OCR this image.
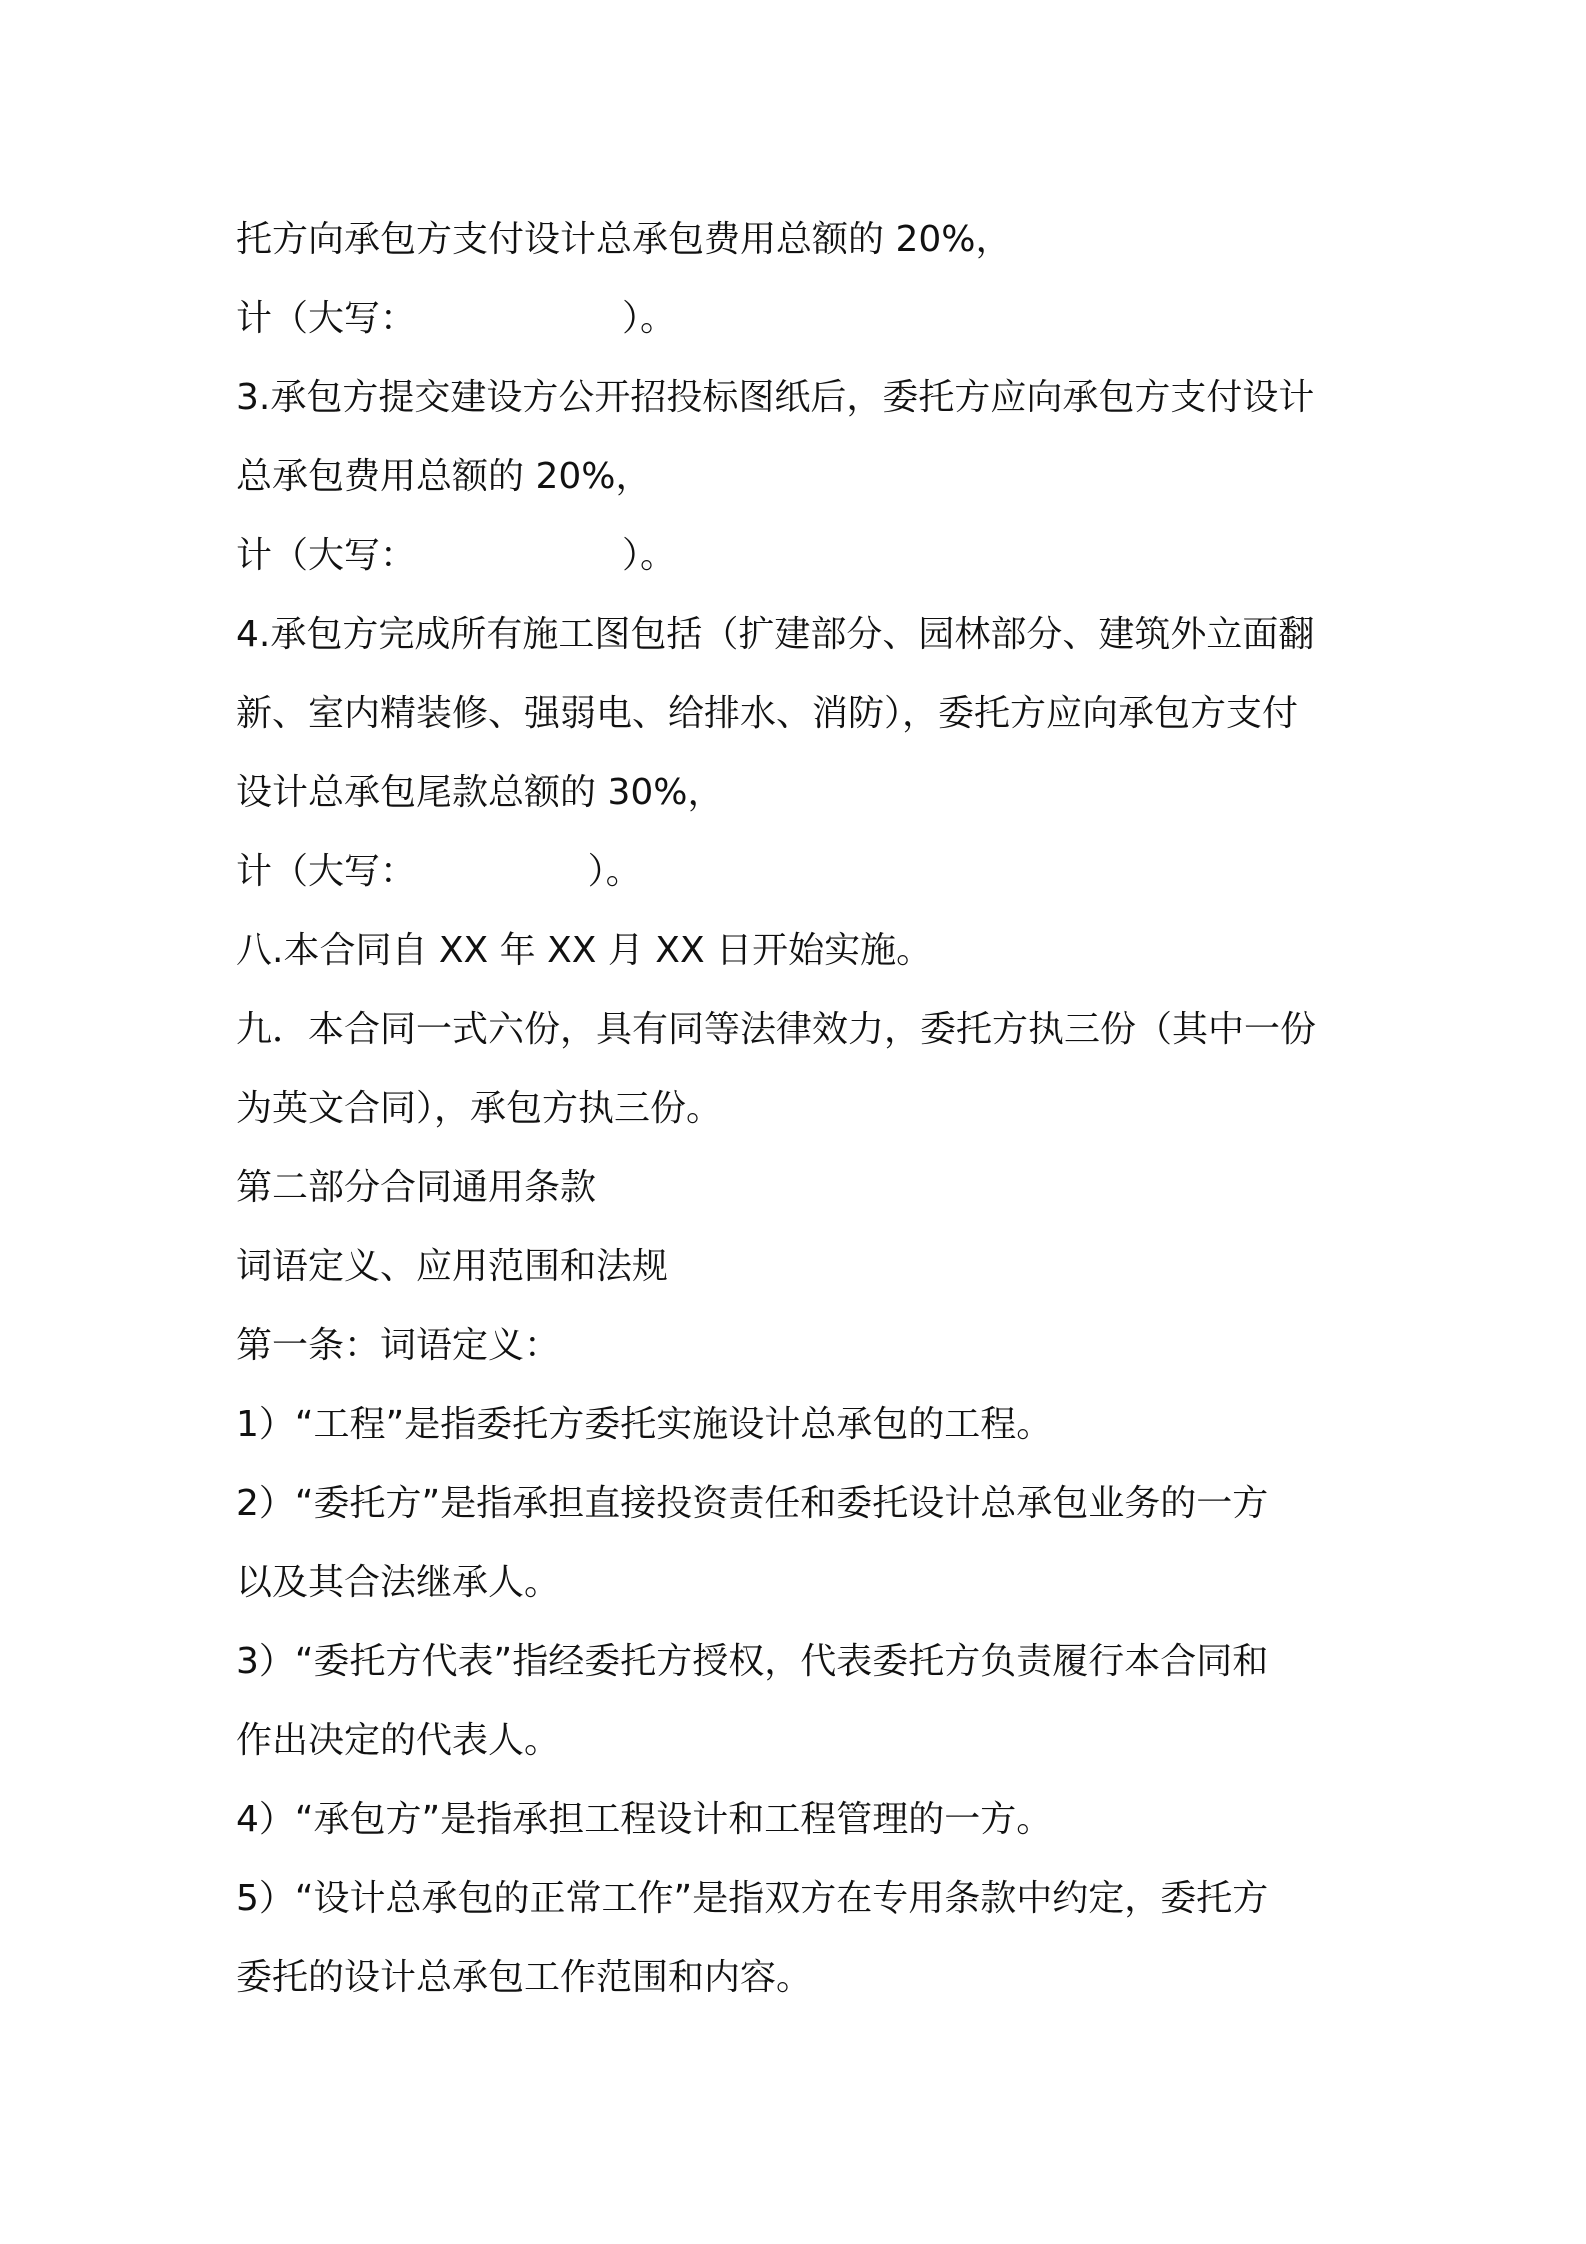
托方向承包方支付设计总承包费用总额的 20%，

计（大写：                  ）。

3.承包方提交建设方公开招投标图纸后，委托方应向承包方支付设计

总承包费用总额的 20%，

计（大写：                  ）。

4.承包方完成所有施工图包括（扩建部分、园林部分、建筑外立面翻

新、室内精装修、强弱电、给排水、消防），委托方应向承包方支付

设计总承包尾款总额的 30%，

计（大写：               ）。

八.本合同自 XX 年 XX 月 XX 日开始实施。

九．本合同一式六份，具有同等法律效力，委托方执三份（其中一份

为英文合同），承包方执三份。

第二部分合同通用条款

词语定义、应用范围和法规

第一条：词语定义：

1）“工程”是指委托方委托实施设计总承包的工程。

2）“委托方”是指承担直接投资责任和委托设计总承包业务的一方

以及其合法继承人。

3）“委托方代表”指经委托方授权，代表委托方负责履行本合同和

作出决定的代表人。

4）“承包方”是指承担工程设计和工程管理的一方。

5）“设计总承包的正常工作”是指双方在专用条款中约定，委托方

委托的设计总承包工作范围和内容。
